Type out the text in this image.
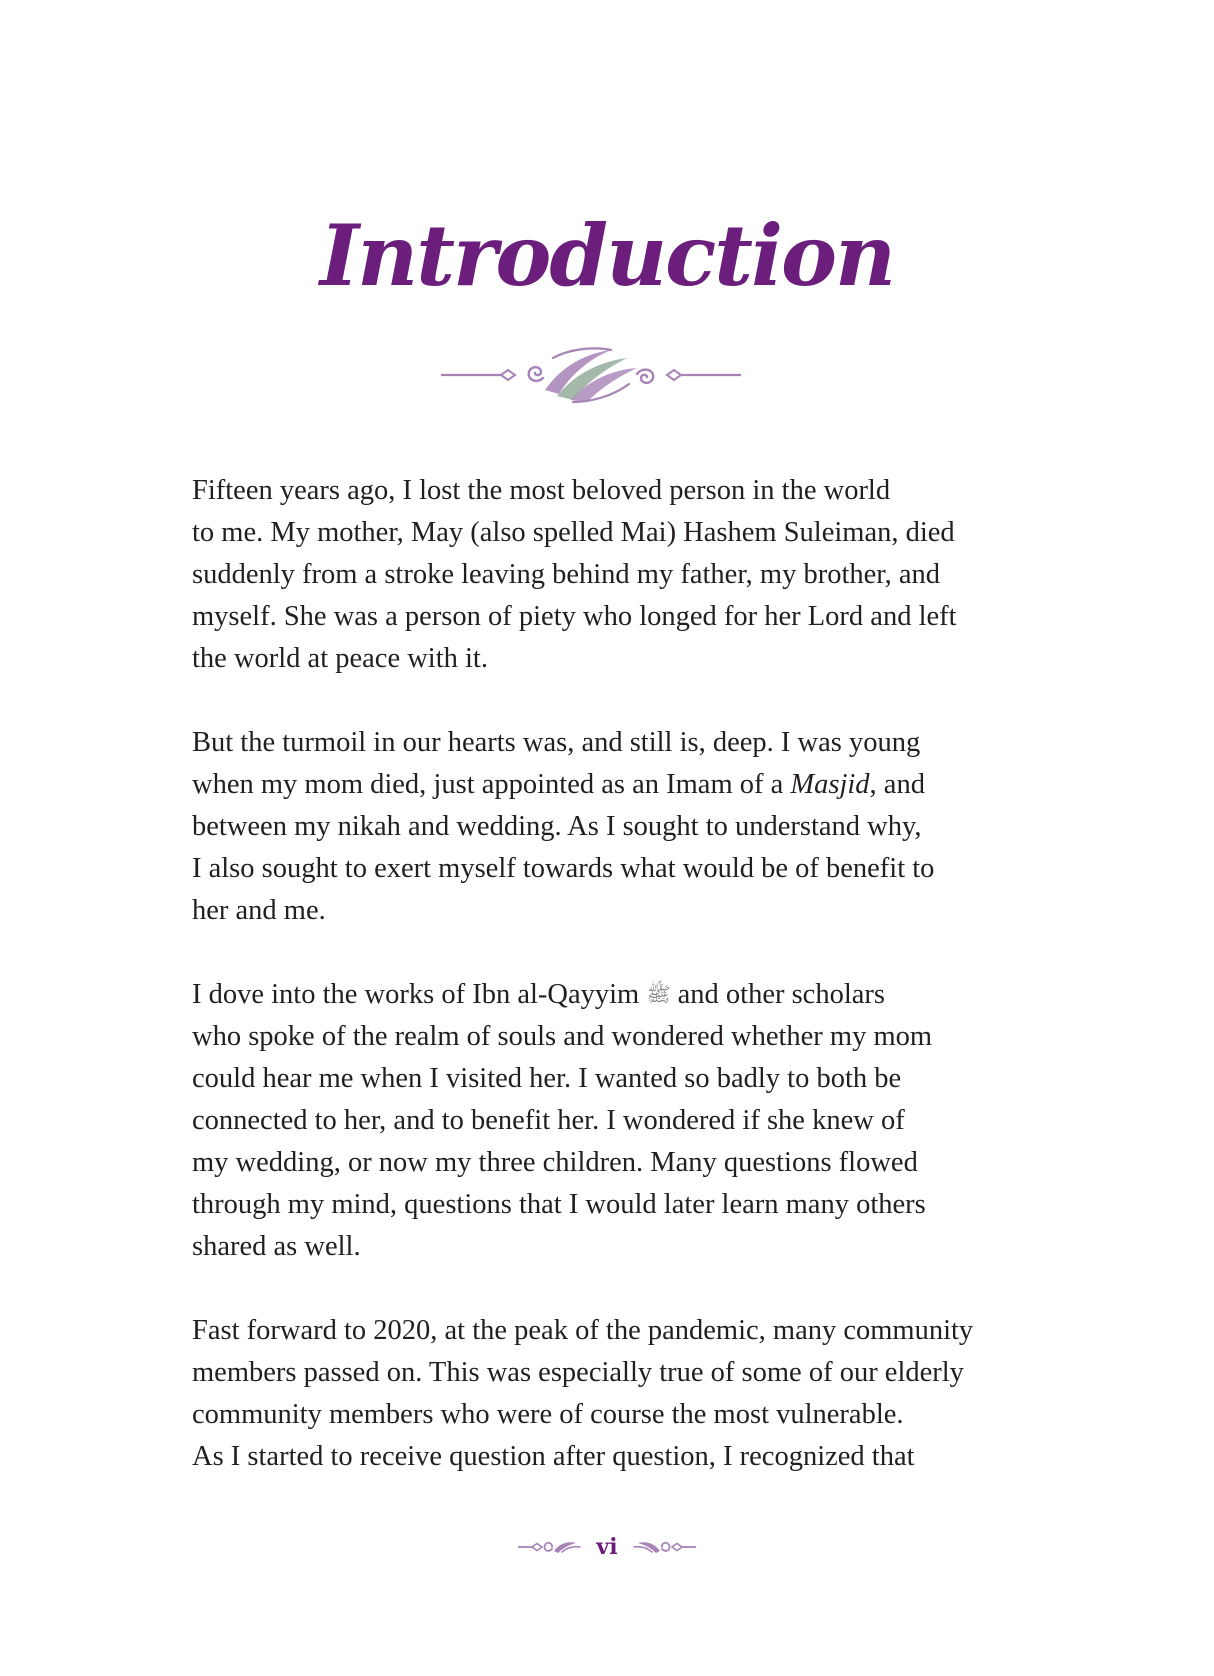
Introduction

Fifteen years ago, I lost the most beloved person in the world
to me. My mother, May (also spelled Mai) Hashem Suleiman, died
suddenly from a stroke leaving behind my father, my brother, and
myself. She was a person of piety who longed for her Lord and left
the world at peace with it.

But the turmoil in our hearts was, and still is, deep. I was young
when my mom died, just appointed as an Imam of a Masjid, and
between my nikah and wedding. As I sought to understand why,
I also sought to exert myself towards what would be of benefit to
her and me.

I dove into the works of Ibn al-Qayyim ﷺ and other scholars
who spoke of the realm of souls and wondered whether my mom
could hear me when I visited her. I wanted so badly to both be
connected to her, and to benefit her. I wondered if she knew of
my wedding, or now my three children. Many questions flowed
through my mind, questions that I would later learn many others
shared as well.

Fast forward to 2020, at the peak of the pandemic, many community
members passed on. This was especially true of some of our elderly
community members who were of course the most vulnerable.
As I started to receive question after question, I recognized that

vi
